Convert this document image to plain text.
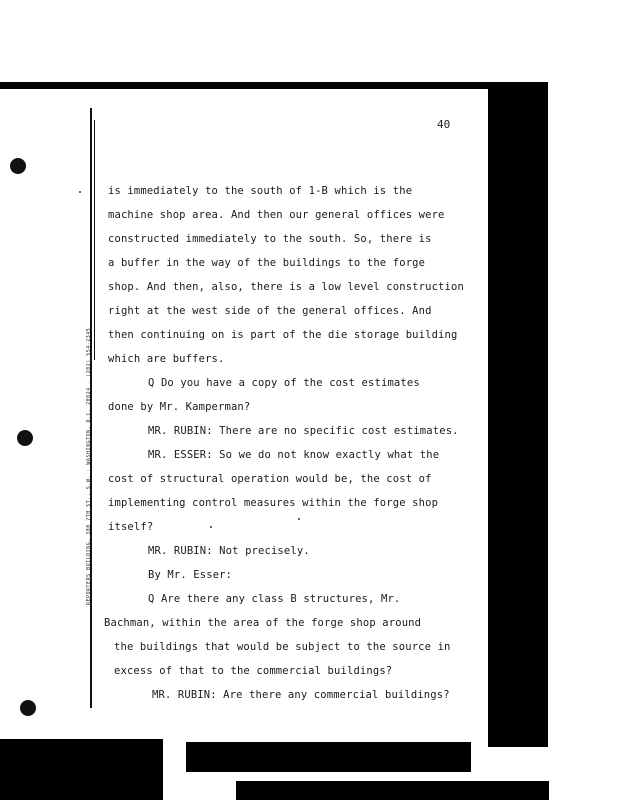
REPORTERS BUILDING, 300 7TH ST., S.W. · WASHINGTON, D.C. 20024 · (202) 554-2345
40
is immediately to the south of 1-B which is the
machine shop area. And then our general offices were
constructed immediately to the south. So, there is
a buffer in the way of the buildings to the forge
shop. And then, also, there is a low level construction
right at the west side of the general offices. And
then continuing on is part of the die storage building
which are buffers.
Q Do you have a copy of the cost estimates
done by Mr. Kamperman?
MR. RUBIN: There are no specific cost estimates.
MR. ESSER: So we do not know exactly what the
cost of structural operation would be, the cost of
implementing control measures within the forge shop
itself?
MR. RUBIN: Not precisely.
By Mr. Esser:
Q Are there any class B structures, Mr.
Bachman, within the area of the forge shop around
the buildings that would be subject to the source in
excess of that to the commercial buildings?
MR. RUBIN: Are there any commercial buildings?
